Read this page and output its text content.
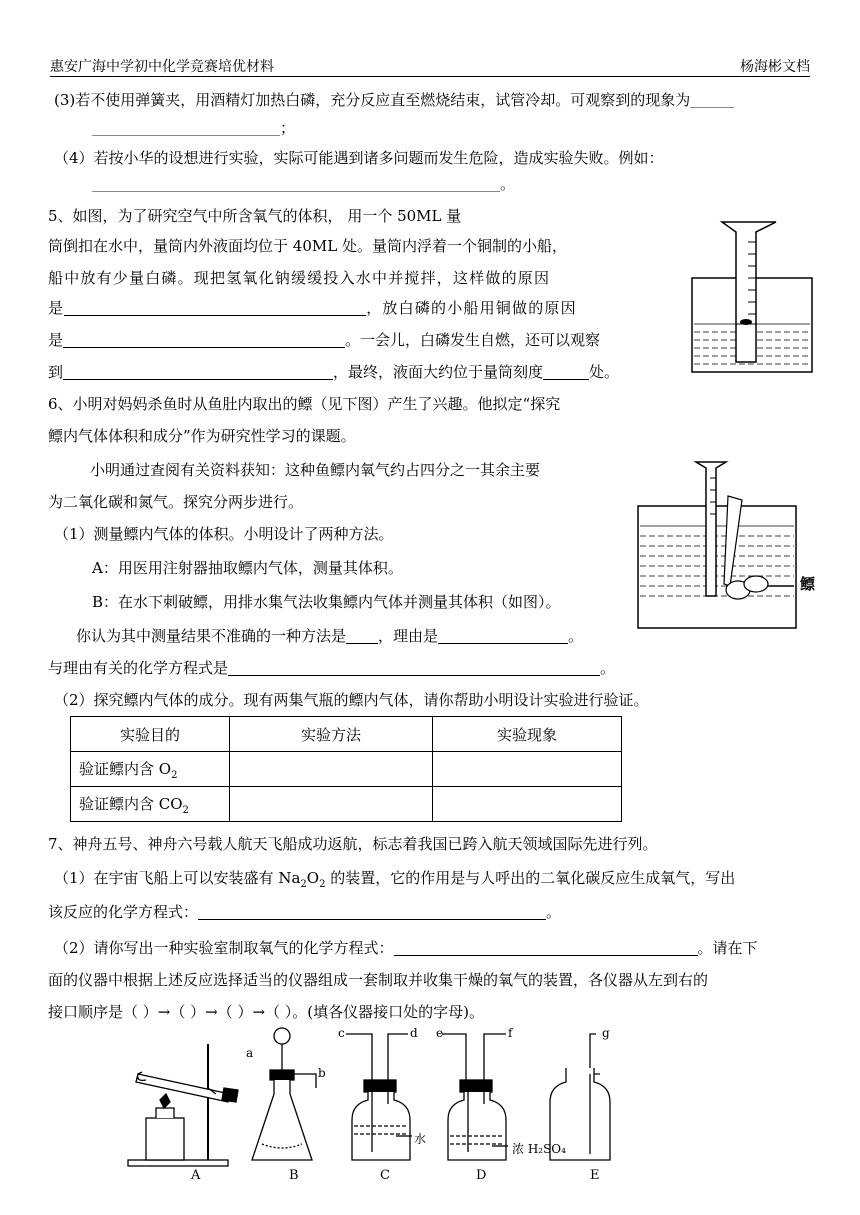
惠安广海中学初中化学竞赛培优材料	杨海彬文档
(3)若不使用弹簧夹，用酒精灯加热白磷，充分反应直至燃烧结束，试管冷却。可观察到的现象为
；
（4）若按小华的设想进行实验，实际可能遇到诸多问题而发生危险，造成实验失败。例如：
。
5、如图，为了研究空气中所含氧气的体积， 用一个 50ML 量
筒倒扣在水中，量筒内外液面均位于 40ML 处。量筒内浮着一个铜制的小船，
船中放有少量白磷。现把氢氧化钠缓缓投入水中并搅拌，这样做的原因
是	，放白磷的小船用铜做的原因
是	。一会儿，白磷发生自燃，还可以观察
到	，最终，液面大约位于量筒刻度	处。
6、小明对妈妈杀鱼时从鱼肚内取出的鳔（见下图）产生了兴趣。他拟定“探究
鳔内气体体积和成分”作为研究性学习的课题。
小明通过查阅有关资料获知：这种鱼鳔内氧气约占四分之一其余主要
为二氧化碳和氮气。探究分两步进行。
（1）测量鳔内气体的体积。小明设计了两种方法。
A：用医用注射器抽取鳔内气体，测量其体积。
B：在水下刺破鳔，用排水集气法收集鳔内气体并测量其体积（如图）。
你认为其中测量结果不准确的一种方法是 ，理由是	。
与理由有关的化学方程式是	。
（2）探究鳔内气体的成分。现有两集气瓶的鳔内气体，请你帮助小明设计实验进行验证。
鳔
实验目的	实验方法	实验现象
验证鳔内含 $O_2$		
验证鳔内含 $CO_2$		
7、神舟五号、神舟六号载人航天飞船成功返航，标志着我国已跨入航天领域国际先进行列。
（1）在宇宙飞船上可以安装盛有 $Na_2O_2$ 的装置，它的作用是与人呼出的二氧化碳反应生成氧气，写出
该反应的化学方程式：	。
（2）请你写出一种实验室制取氧气的化学方程式：	。请在下
面的仪器中根据上述反应选择适当的仪器组成一套制取并收集干燥的氧气的装置，各仪器从左到右的
接口顺序是（ ）→（ ）→（ ）→（ ）。(填各仪器接口处的字母)。
A	B	C	D	E
a
b
c	d e	f	g
水
浓 H₂SO₄
